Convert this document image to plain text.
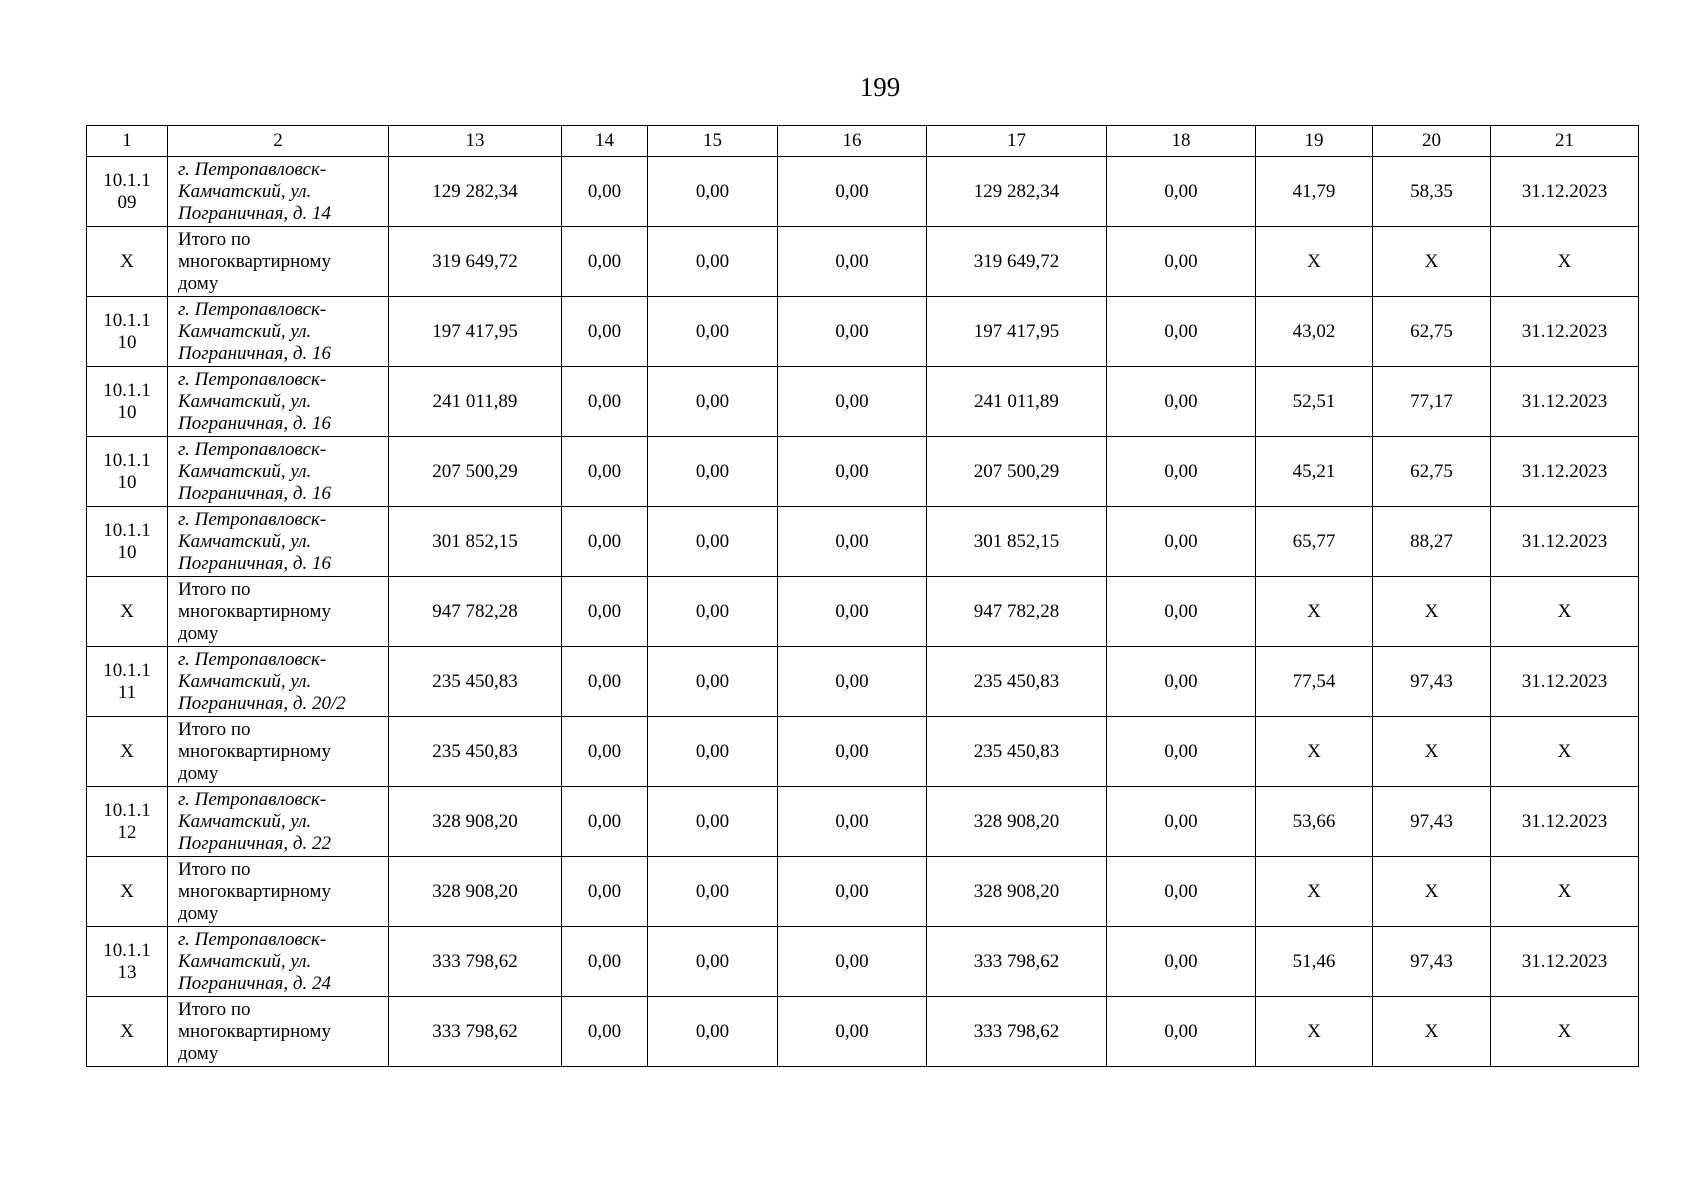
199
1	2	13	14	15	16	17	18	19	20	21
10.1.1
09	г. Петропавловск-
Камчатский, ул.
Пограничная, д. 14	129 282,34	0,00	0,00	0,00	129 282,34	0,00	41,79	58,35	31.12.2023
X	Итого по
многоквартирному
дому	319 649,72	0,00	0,00	0,00	319 649,72	0,00	X	X	X
10.1.1
10	г. Петропавловск-
Камчатский, ул.
Пограничная, д. 16	197 417,95	0,00	0,00	0,00	197 417,95	0,00	43,02	62,75	31.12.2023
10.1.1
10	г. Петропавловск-
Камчатский, ул.
Пограничная, д. 16	241 011,89	0,00	0,00	0,00	241 011,89	0,00	52,51	77,17	31.12.2023
10.1.1
10	г. Петропавловск-
Камчатский, ул.
Пограничная, д. 16	207 500,29	0,00	0,00	0,00	207 500,29	0,00	45,21	62,75	31.12.2023
10.1.1
10	г. Петропавловск-
Камчатский, ул.
Пограничная, д. 16	301 852,15	0,00	0,00	0,00	301 852,15	0,00	65,77	88,27	31.12.2023
X	Итого по
многоквартирному
дому	947 782,28	0,00	0,00	0,00	947 782,28	0,00	X	X	X
10.1.1
11	г. Петропавловск-
Камчатский, ул.
Пограничная, д. 20/2	235 450,83	0,00	0,00	0,00	235 450,83	0,00	77,54	97,43	31.12.2023
X	Итого по
многоквартирному
дому	235 450,83	0,00	0,00	0,00	235 450,83	0,00	X	X	X
10.1.1
12	г. Петропавловск-
Камчатский, ул.
Пограничная, д. 22	328 908,20	0,00	0,00	0,00	328 908,20	0,00	53,66	97,43	31.12.2023
X	Итого по
многоквартирному
дому	328 908,20	0,00	0,00	0,00	328 908,20	0,00	X	X	X
10.1.1
13	г. Петропавловск-
Камчатский, ул.
Пограничная, д. 24	333 798,62	0,00	0,00	0,00	333 798,62	0,00	51,46	97,43	31.12.2023
X	Итого по
многоквартирному
дому	333 798,62	0,00	0,00	0,00	333 798,62	0,00	X	X	X
